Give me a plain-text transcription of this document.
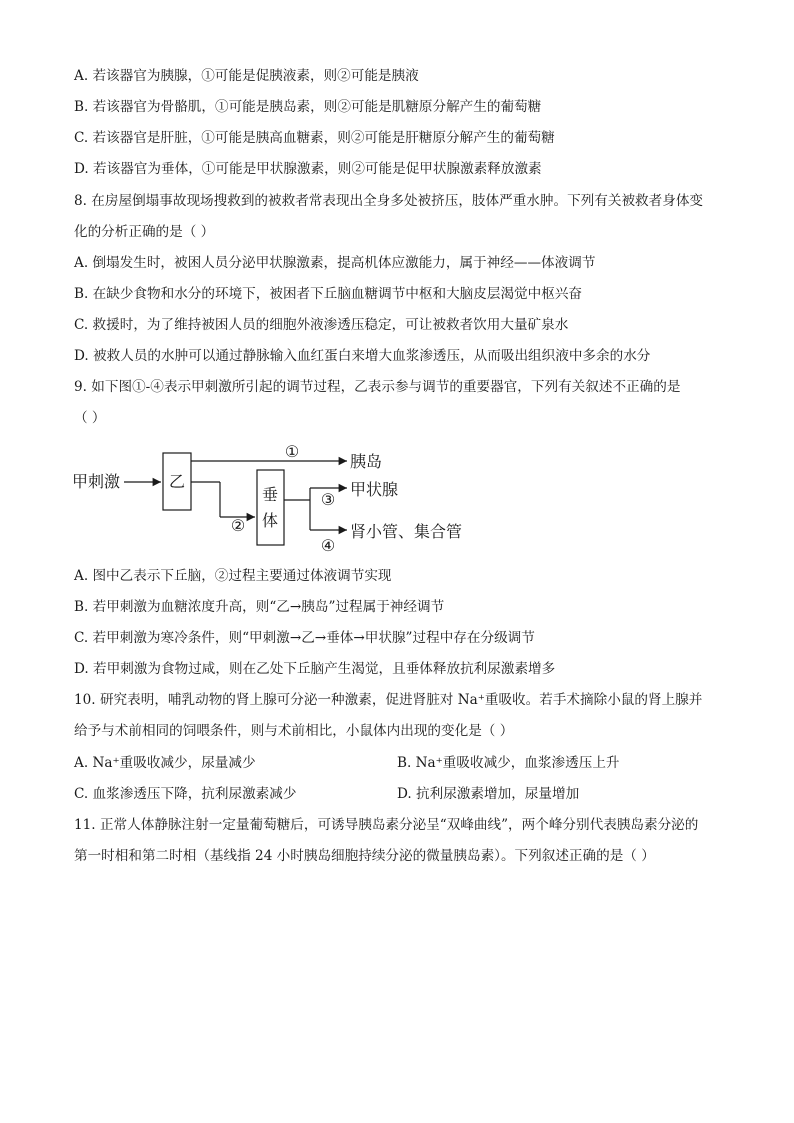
A. 若该器官为胰腺，①可能是促胰液素，则②可能是胰液
B. 若该器官为骨骼肌，①可能是胰岛素，则②可能是肌糖原分解产生的葡萄糖
C. 若该器官是肝脏，①可能是胰高血糖素，则②可能是肝糖原分解产生的葡萄糖
D. 若该器官为垂体，①可能是甲状腺激素，则②可能是促甲状腺激素释放激素
8. 在房屋倒塌事故现场搜救到的被救者常表现出全身多处被挤压，肢体严重水肿。下列有关被救者身体变
化的分析正确的是（ ）
A. 倒塌发生时，被困人员分泌甲状腺激素，提高机体应激能力，属于神经——体液调节
B. 在缺少食物和水分的环境下，被困者下丘脑血糖调节中枢和大脑皮层渴觉中枢兴奋
C. 救援时，为了维持被困人员的细胞外液渗透压稳定，可让被救者饮用大量矿泉水
D. 被救人员的水肿可以通过静脉输入血红蛋白来增大血浆渗透压，从而吸出组织液中多余的水分
9. 如下图①-④表示甲刺激所引起的调节过程，乙表示参与调节的重要器官，下列有关叙述不正确的是
（ ）
甲刺激	乙
①
胰岛
②
垂
体
③
甲状腺
④
肾小管、集合管
A. 图中乙表示下丘脑，②过程主要通过体液调节实现
B. 若甲刺激为血糖浓度升高，则“乙→胰岛”过程属于神经调节
C. 若甲刺激为寒冷条件，则“甲刺激→乙→垂体→甲状腺”过程中存在分级调节
D. 若甲刺激为食物过咸，则在乙处下丘脑产生渴觉，且垂体释放抗利尿激素增多
10. 研究表明，哺乳动物的肾上腺可分泌一种激素，促进肾脏对 Na⁺重吸收。若手术摘除小鼠的肾上腺并
给予与术前相同的饲喂条件，则与术前相比，小鼠体内出现的变化是（ ）
A. Na⁺重吸收减少，尿量减少	B. Na⁺重吸收减少，血浆渗透压上升
C. 血浆渗透压下降，抗利尿激素减少	D. 抗利尿激素增加，尿量增加
11. 正常人体静脉注射一定量葡萄糖后，可诱导胰岛素分泌呈“双峰曲线”，两个峰分别代表胰岛素分泌的
第一时相和第二时相（基线指 24 小时胰岛细胞持续分泌的微量胰岛素）。下列叙述正确的是（ ）
